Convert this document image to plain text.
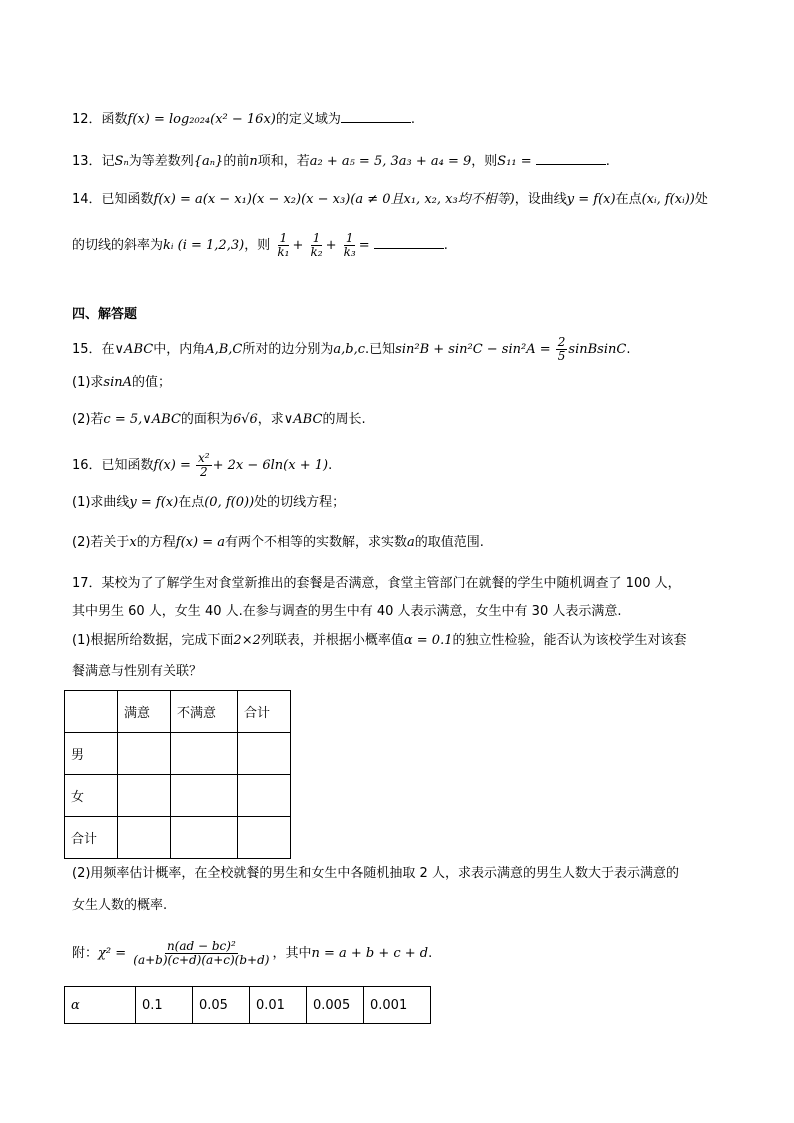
12．函数f(x) = log₂₀₂₄(x² − 16x)的定义域为	.
13．记Sₙ为等差数列{aₙ}的前n项和，若a₂ + a₅ = 5, 3a₃ + a₄ = 9，则S₁₁ =	.
14．已知函数f(x) = a(x − x₁)(x − x₂)(x − x₃)(a ≠ 0且x₁, x₂, x₃均不相等)，设曲线y = f(x)在点(xᵢ, f(xᵢ))处
的切线的斜率为kᵢ (i = 1,2,3)，则 $\frac{1}{\text{k₁}} + \frac{1}{\text{k₂}} + \frac{1}{\text{k₃}}$ =	.
四、解答题
15．在∨ABC中，内角A,B,C所对的边分别为a,b,c.已知$\sin^2B + \sin^2C - \sin^2A = \frac{2}{5}$ sinBsinC.
(1)求sinA的值；
(2)若c = 5,∨ABC的面积为6√6，求∨ABC的周长.
16．已知函数$f(x) = \frac{\text{x²}}{2} + 2x - 6\ln(x + 1)$.
(1)求曲线y = f(x)在点(0, f(0))处的切线方程；
(2)若关于x的方程f(x) = a有两个不相等的实数解，求实数a的取值范围.
17．某校为了了解学生对食堂新推出的套餐是否满意，食堂主管部门在就餐的学生中随机调查了 100 人，
其中男生 60 人，女生 40 人.在参与调查的男生中有 40 人表示满意，女生中有 30 人表示满意.
(1)根据所给数据，完成下面2×2列联表，并根据小概率值α = 0.1的独立性检验，能否认为该校学生对该套
餐满意与性别有关联？
	满意	不满意	合计
男			
女			
合计			
(2)用频率估计概率，在全校就餐的男生和女生中各随机抽取 2 人，求表示满意的男生人数大于表示满意的
女生人数的概率.
附：$\chi^2 = \frac{\text{n(ad − bc)²}}{(a+b)(c+d)(a+c)(b+d)}$ ，其中n = a + b + c + d.
α	0.1	0.05	0.01	0.005	0.001
